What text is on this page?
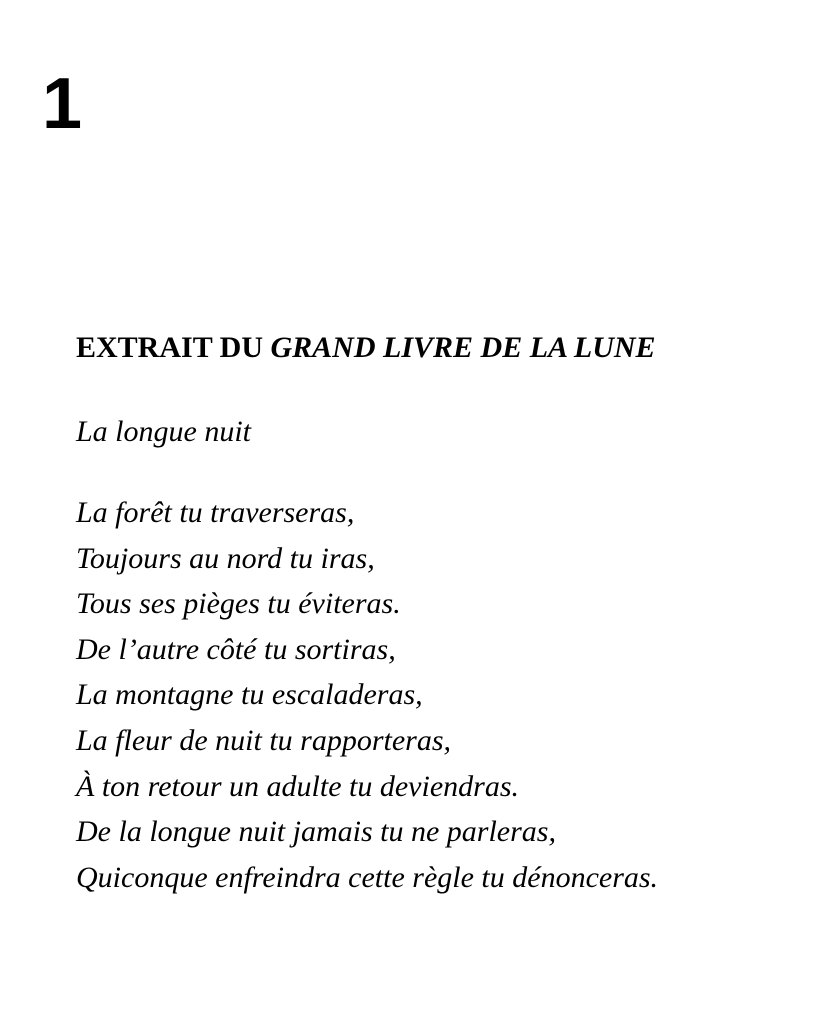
1
EXTRAIT DU GRAND LIVRE DE LA LUNE

La longue nuit

La forêt tu traverseras,
Toujours au nord tu iras,
Tous ses pièges tu éviteras.
De l’autre côté tu sortiras,
La montagne tu escaladeras,
La fleur de nuit tu rapporteras,
À ton retour un adulte tu deviendras.
De la longue nuit jamais tu ne parleras,
Quiconque enfreindra cette règle tu dénonceras.
